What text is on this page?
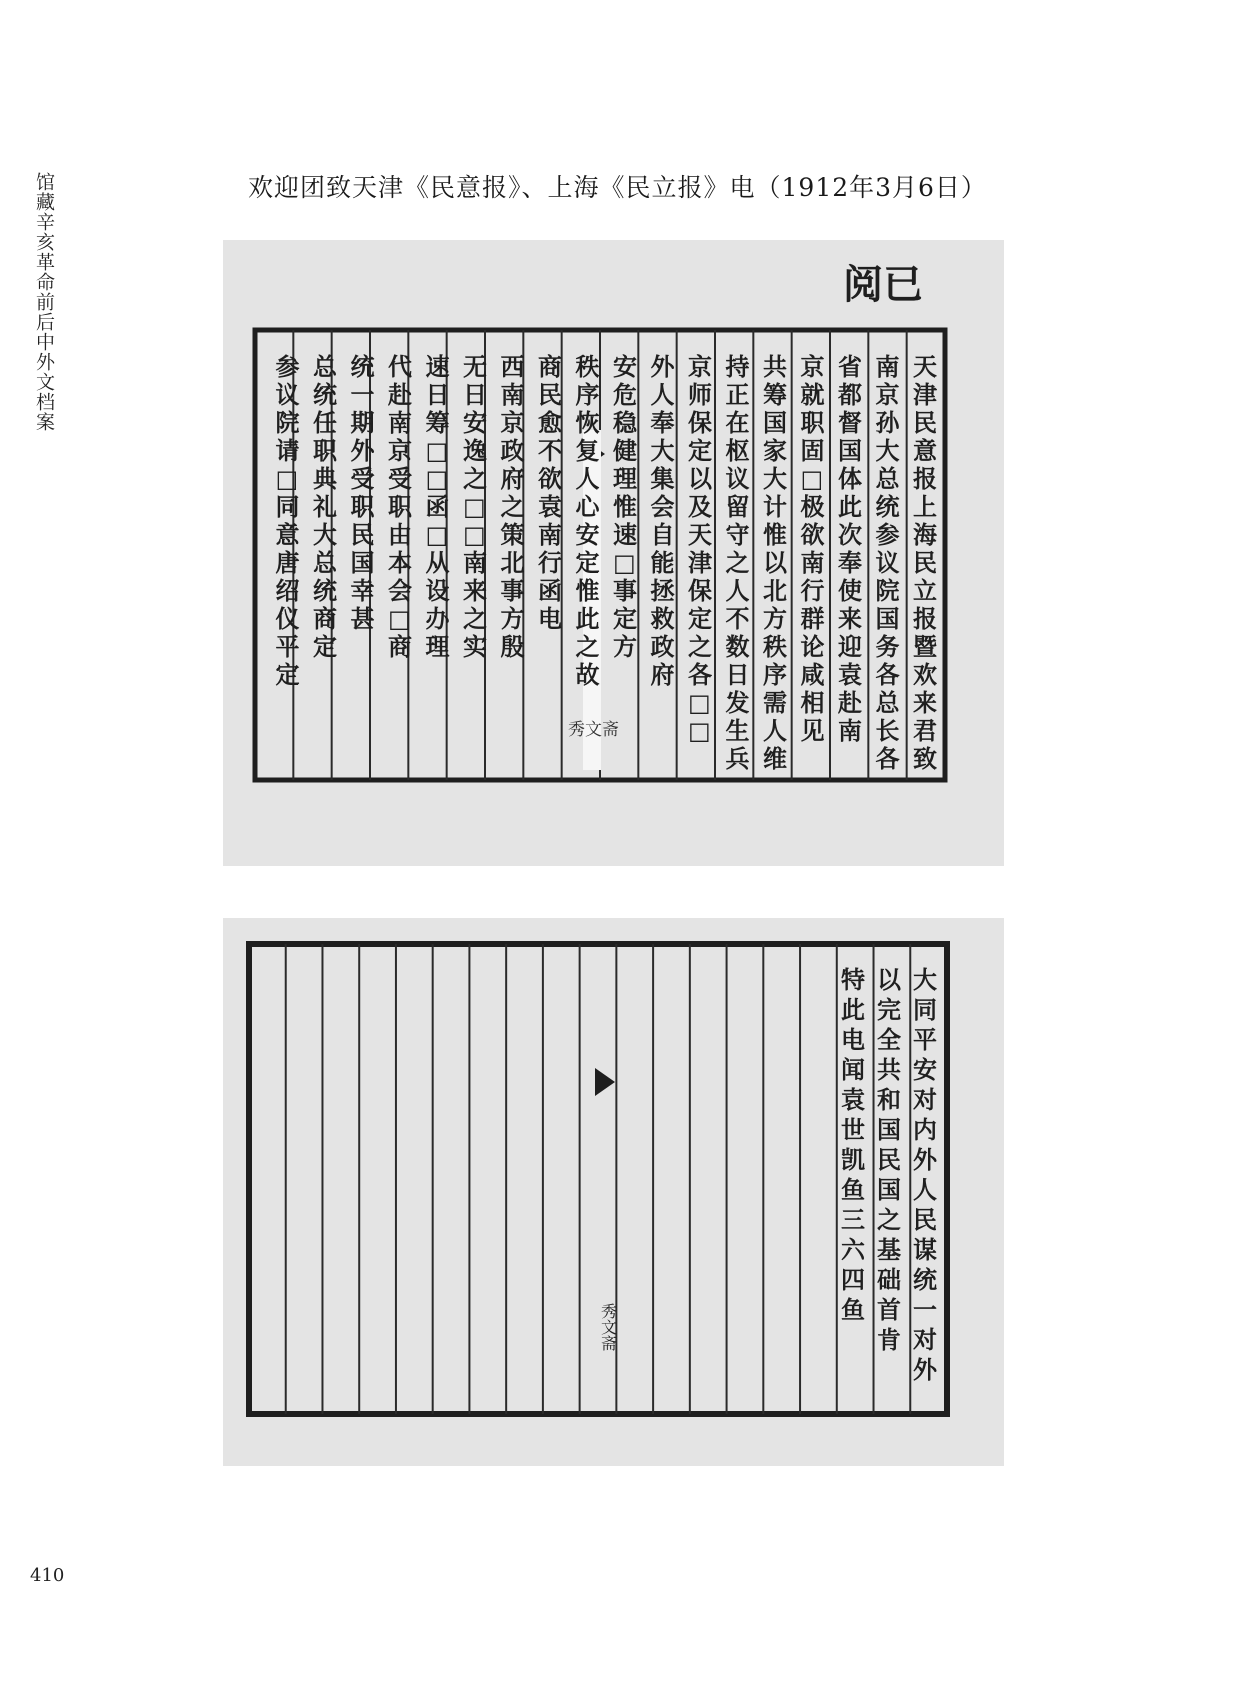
馆藏辛亥革命前后中外文档案	欢迎团致天津《民意报》、上海《民立报》电（1912年3月6日）
阅已
天津民意报上海民立报暨欢来君致
南京孙大总统参议院国务各总长各
省都督国体此次奉使来迎袁赴南
京就职固□极欲南行群论咸相见
共筹国家大计惟以北方秩序需人维
持正在枢议留守之人不数日发生兵
京师保定以及天津保定之各□ □
外人奉大集会自能拯救政府
安危稳健理惟速□事定方
秩序恢复人心安定惟此之故
商民愈不欲袁南行函电
西南京政府之策北事方殷
无日安逸之□ □南来之实
速日筹□ □函□从设办理
代赴南京受职由本会□商
统一期外受职民国幸甚
总统任职典礼大总统商定
参议院请□同意唐绍仪平定
秀文斋
大同平安对内外人民谋统一对外
以完全共和国民国之基础首肯
特此电闻袁世凯鱼三六四鱼
秀文斋
410
